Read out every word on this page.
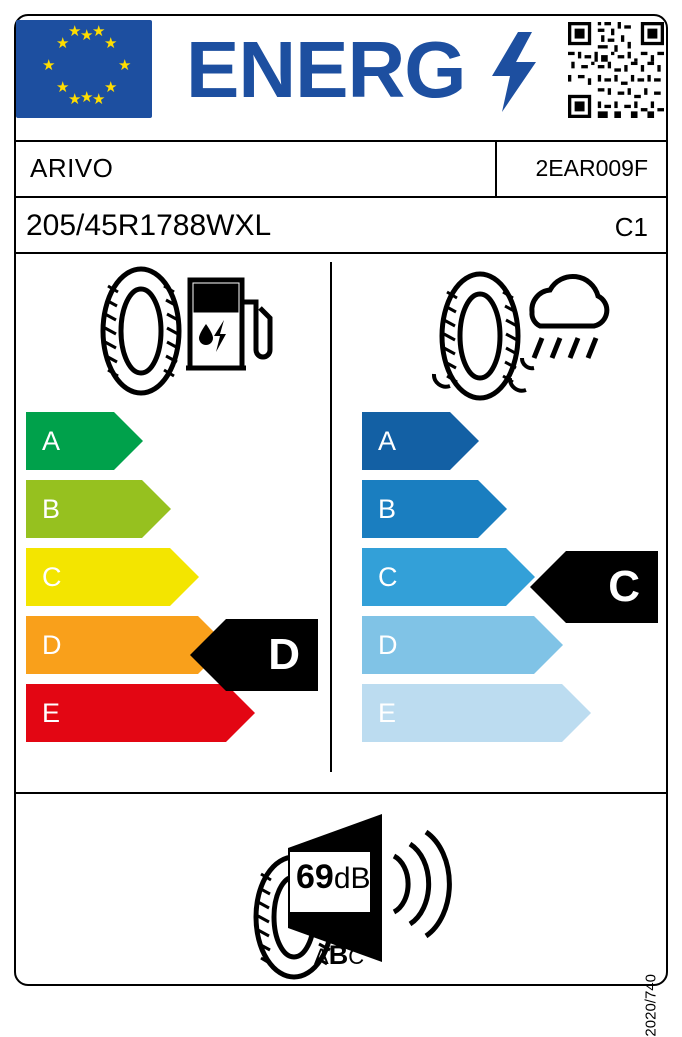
★ ★
★
★
★
★
★
★
★ ★
★ ★ ENERG
ARIVO	2EAR009F
205/45R1788WXL	C1
A
B
C
D
E
D
A
B
C
D
E
C
69dB
ABC
2020/740
